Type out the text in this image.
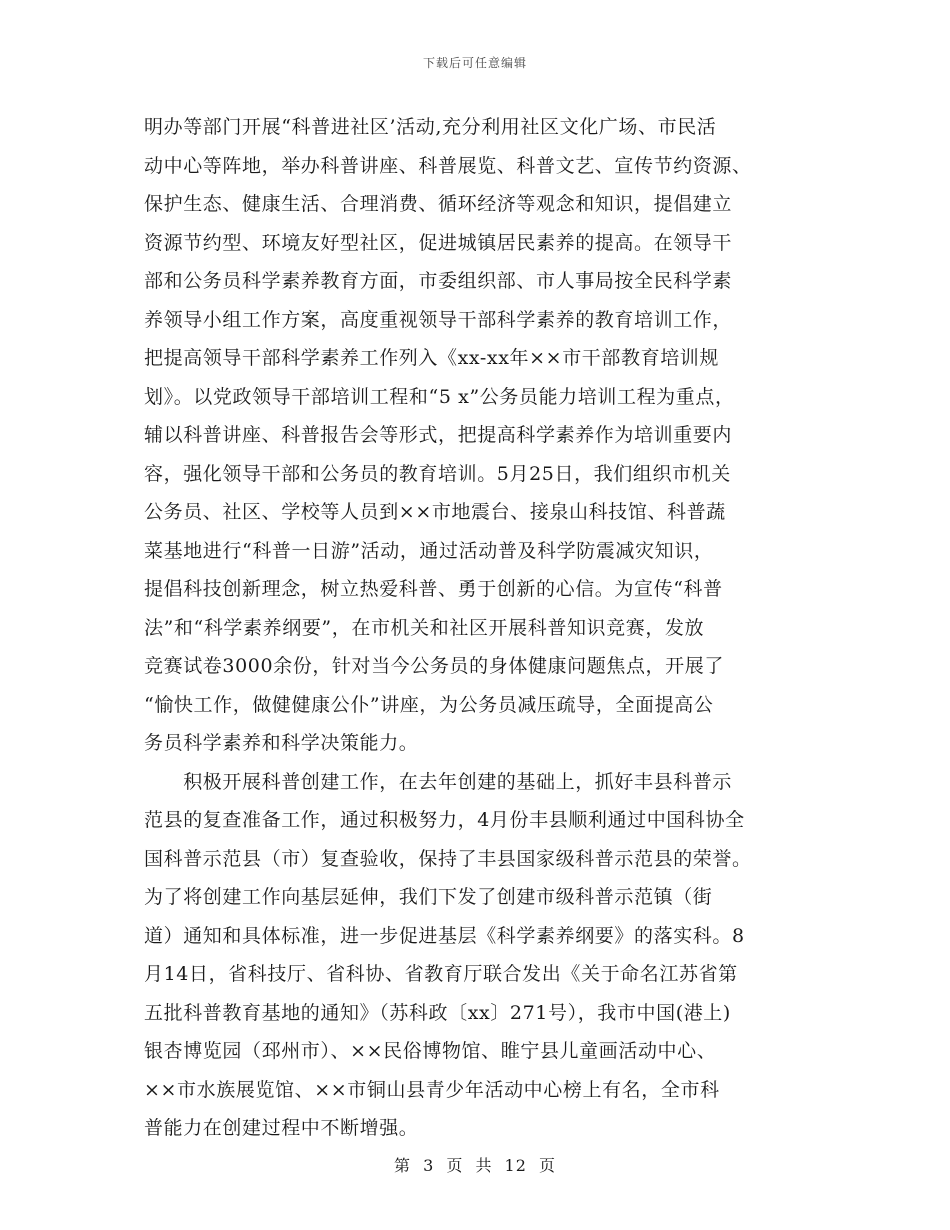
下载后可任意编辑
明办等部门开展“科普进社区’活动,充分利用社区文化广场、市民活
动中心等阵地，举办科普讲座、科普展览、科普文艺、宣传节约资源、
保护生态、健康生活、合理消费、循环经济等观念和知识，提倡建立
资源节约型、环境友好型社区，促进城镇居民素养的提高。在领导干
部和公务员科学素养教育方面，市委组织部、市人事局按全民科学素
养领导小组工作方案，高度重视领导干部科学素养的教育培训工作，
把提高领导干部科学素养工作列入《xx-xx年××市干部教育培训规
划》。以党政领导干部培训工程和“5 x”公务员能力培训工程为重点，
辅以科普讲座、科普报告会等形式，把提高科学素养作为培训重要内
容，强化领导干部和公务员的教育培训。5月25日，我们组织市机关
公务员、社区、学校等人员到××市地震台、接泉山科技馆、科普蔬
菜基地进行“科普一日游”活动，通过活动普及科学防震减灾知识，
提倡科技创新理念，树立热爱科普、勇于创新的心信。为宣传“科普
法”和“科学素养纲要”，在市机关和社区开展科普知识竞赛，发放
竞赛试卷3000余份，针对当今公务员的身体健康问题焦点，开展了
“愉快工作，做健健康公仆”讲座，为公务员减压疏导，全面提高公
务员科学素养和科学决策能力。
　　积极开展科普创建工作，在去年创建的基础上，抓好丰县科普示
范县的复查准备工作，通过积极努力，4月份丰县顺利通过中国科协全
国科普示范县（市）复查验收，保持了丰县国家级科普示范县的荣誉。
为了将创建工作向基层延伸，我们下发了创建市级科普示范镇（街
道）通知和具体标准，进一步促进基层《科学素养纲要》的落实科。8
月14日，省科技厅、省科协、省教育厅联合发出《关于命名江苏省第
五批科普教育基地的通知》（苏科政〔xx〕271号），我市中国(港上)
银杏博览园（邳州市）、××民俗博物馆、睢宁县儿童画活动中心、
××市水族展览馆、××市铜山县青少年活动中心榜上有名，全市科
普能力在创建过程中不断增强。
第 3 页 共 12 页
